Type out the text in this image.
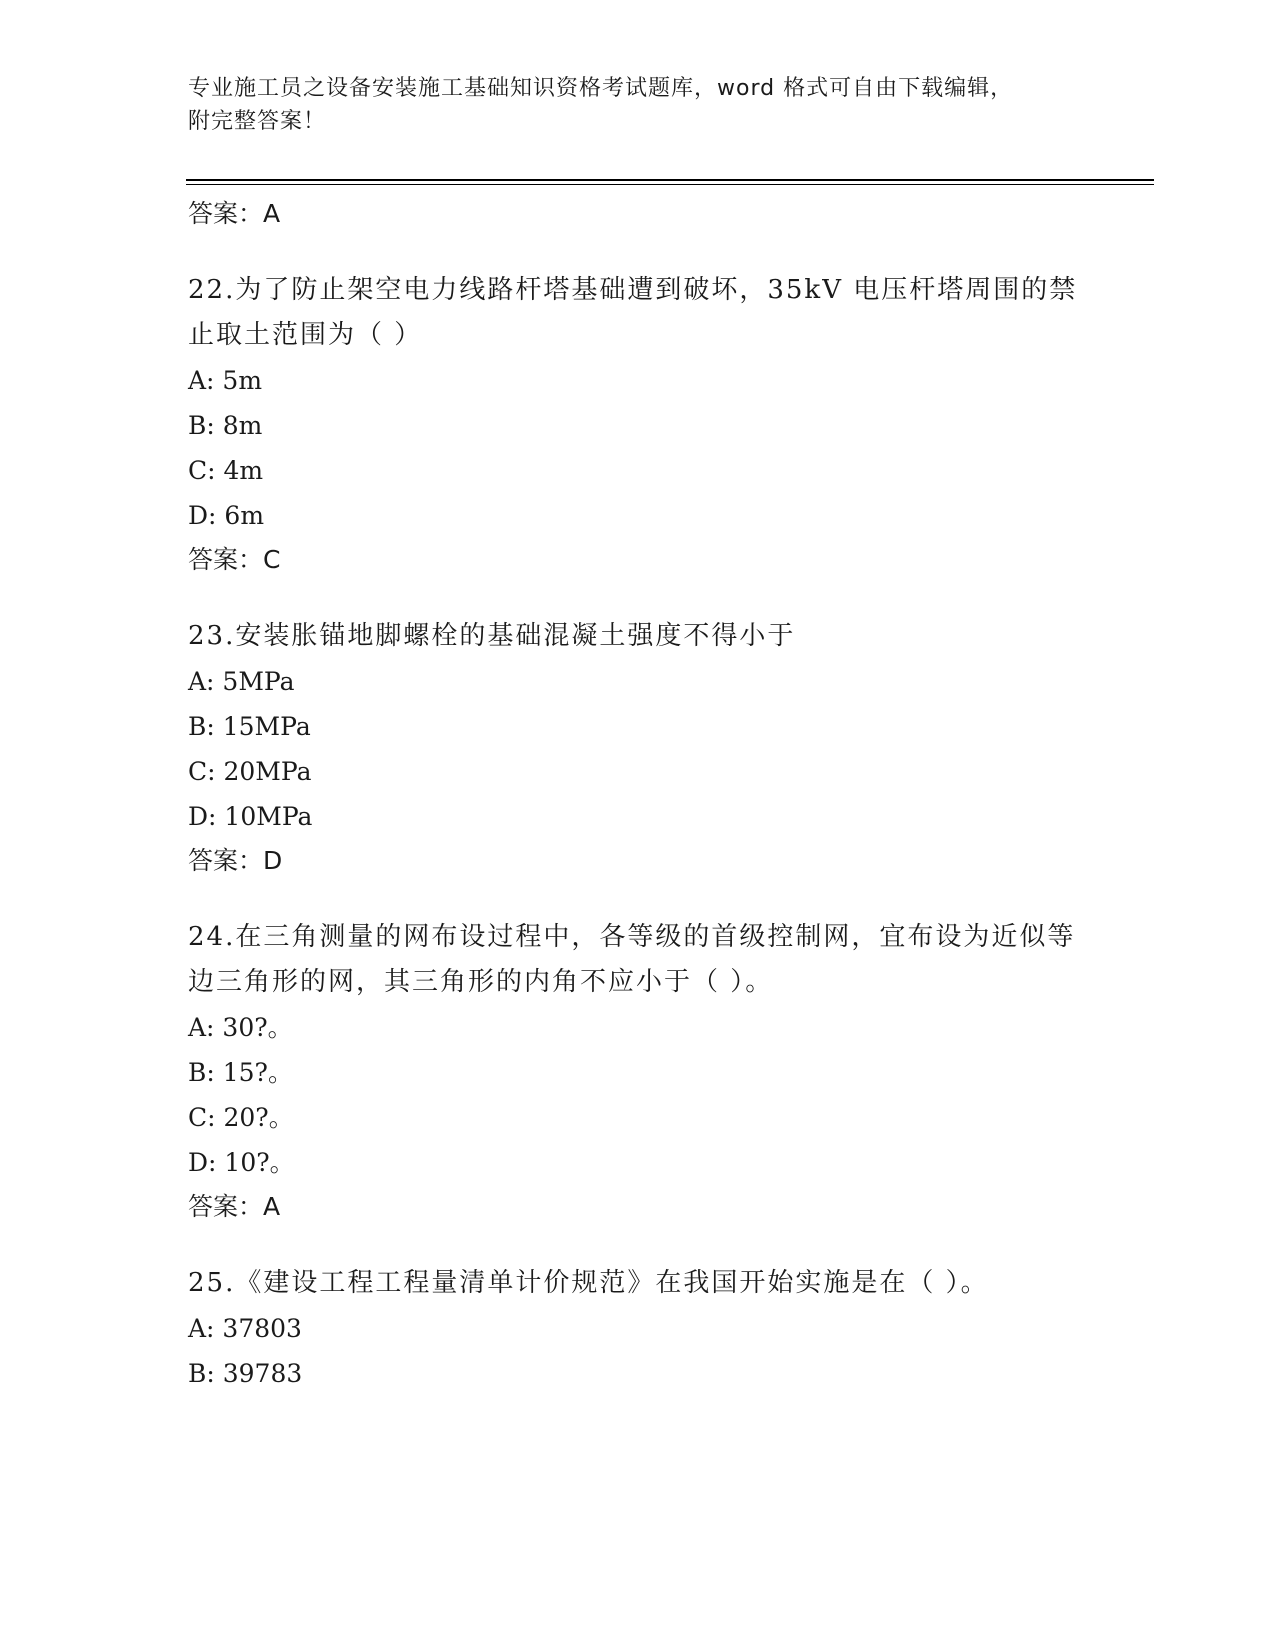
专业施工员之设备安装施工基础知识资格考试题库，word 格式可自由下载编辑，
附完整答案！
答案：A
22.为了防止架空电力线路杆塔基础遭到破坏，35kV 电压杆塔周围的禁止取土范围为（ ）
A: 5m
B: 8m
C: 4m
D: 6m
答案：C
23.安装胀锚地脚螺栓的基础混凝土强度不得小于
A: 5MPa
B: 15MPa
C: 20MPa
D: 10MPa
答案：D
24.在三角测量的网布设过程中，各等级的首级控制网，宜布设为近似等边三角形的网，其三角形的内角不应小于（ ）。
A: 30?。
B: 15?。
C: 20?。
D: 10?。
答案：A
25.《建设工程工程量清单计价规范》在我国开始实施是在（ ）。
A: 37803
B: 39783
